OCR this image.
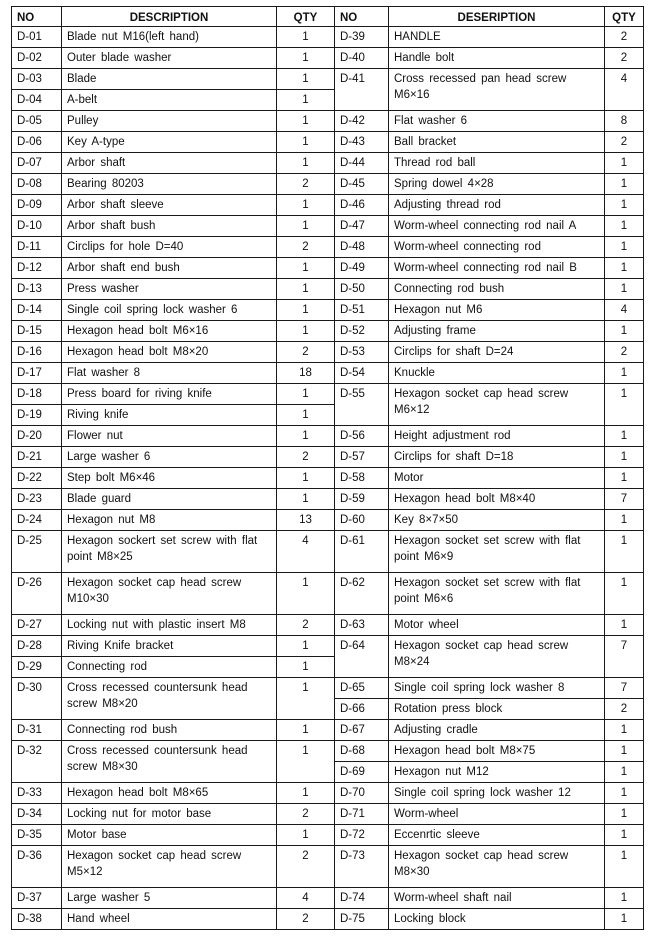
NO	DESCRIPTION	QTY	NO	DESERIPTION	QTY
D-01	Blade nut M16(left hand)	1	D-39	HANDLE	2
D-02	Outer blade washer	1	D-40	Handle bolt	2
D-03	Blade	1	D-41	Cross recessed pan head screw M6×16	4
D-04	A-belt	1			
D-05	Pulley	1	D-42	Flat washer 6	8
D-06	Key A-type	1	D-43	Ball bracket	2
D-07	Arbor shaft	1	D-44	Thread rod ball	1
D-08	Bearing 80203	2	D-45	Spring dowel 4×28	1
D-09	Arbor shaft sleeve	1	D-46	Adjusting thread rod	1
D-10	Arbor shaft bush	1	D-47	Worm-wheel connecting rod nail A	1
D-11	Circlips for hole D=40	2	D-48	Worm-wheel connecting rod	1
D-12	Arbor shaft end bush	1	D-49	Worm-wheel connecting rod nail B	1
D-13	Press washer	1	D-50	Connecting rod bush	1
D-14	Single coil spring lock washer 6	1	D-51	Hexagon nut M6	4
D-15	Hexagon head bolt M6×16	1	D-52	Adjusting frame	1
D-16	Hexagon head bolt M8×20	2	D-53	Circlips for shaft D=24	2
D-17	Flat washer 8	18	D-54	Knuckle	1
D-18	Press board for riving knife	1	D-55	Hexagon socket cap head screw M6×12	1
D-19	Riving knife	1			
D-20	Flower nut	1	D-56	Height adjustment rod	1
D-21	Large washer 6	2	D-57	Circlips for shaft D=18	1
D-22	Step bolt M6×46	1	D-58	Motor	1
D-23	Blade guard	1	D-59	Hexagon head bolt M8×40	7
D-24	Hexagon nut M8	13	D-60	Key 8×7×50	1
D-25	Hexagon sockert set screw with flat point M8×25	4	D-61	Hexagon socket set screw with flat point M6×9	1
D-26	Hexagon socket cap head screw M10×30	1	D-62	Hexagon socket set screw with flat point M6×6	1
D-27	Locking nut with plastic insert M8	2	D-63	Motor wheel	1
D-28	Riving Knife bracket	1	D-64	Hexagon socket cap head screw M8×24	7
D-29	Connecting rod	1			
D-30	Cross recessed countersunk head screw M8×20	1	D-65	Single coil spring lock washer 8	7
			D-66	Rotation press block	2
D-31	Connecting rod bush	1	D-67	Adjusting cradle	1
D-32	Cross recessed countersunk head screw M8×30	1	D-68	Hexagon head bolt M8×75	1
			D-69	Hexagon nut M12	1
D-33	Hexagon head bolt M8×65	1	D-70	Single coil spring lock washer 12	1
D-34	Locking nut for motor base	2	D-71	Worm-wheel	1
D-35	Motor base	1	D-72	Eccenrtic sleeve	1
D-36	Hexagon socket cap head screw M5×12	2	D-73	Hexagon socket cap head screw M8×30	1
D-37	Large washer 5	4	D-74	Worm-wheel shaft nail	1
D-38	Hand wheel	2	D-75	Locking block	1
